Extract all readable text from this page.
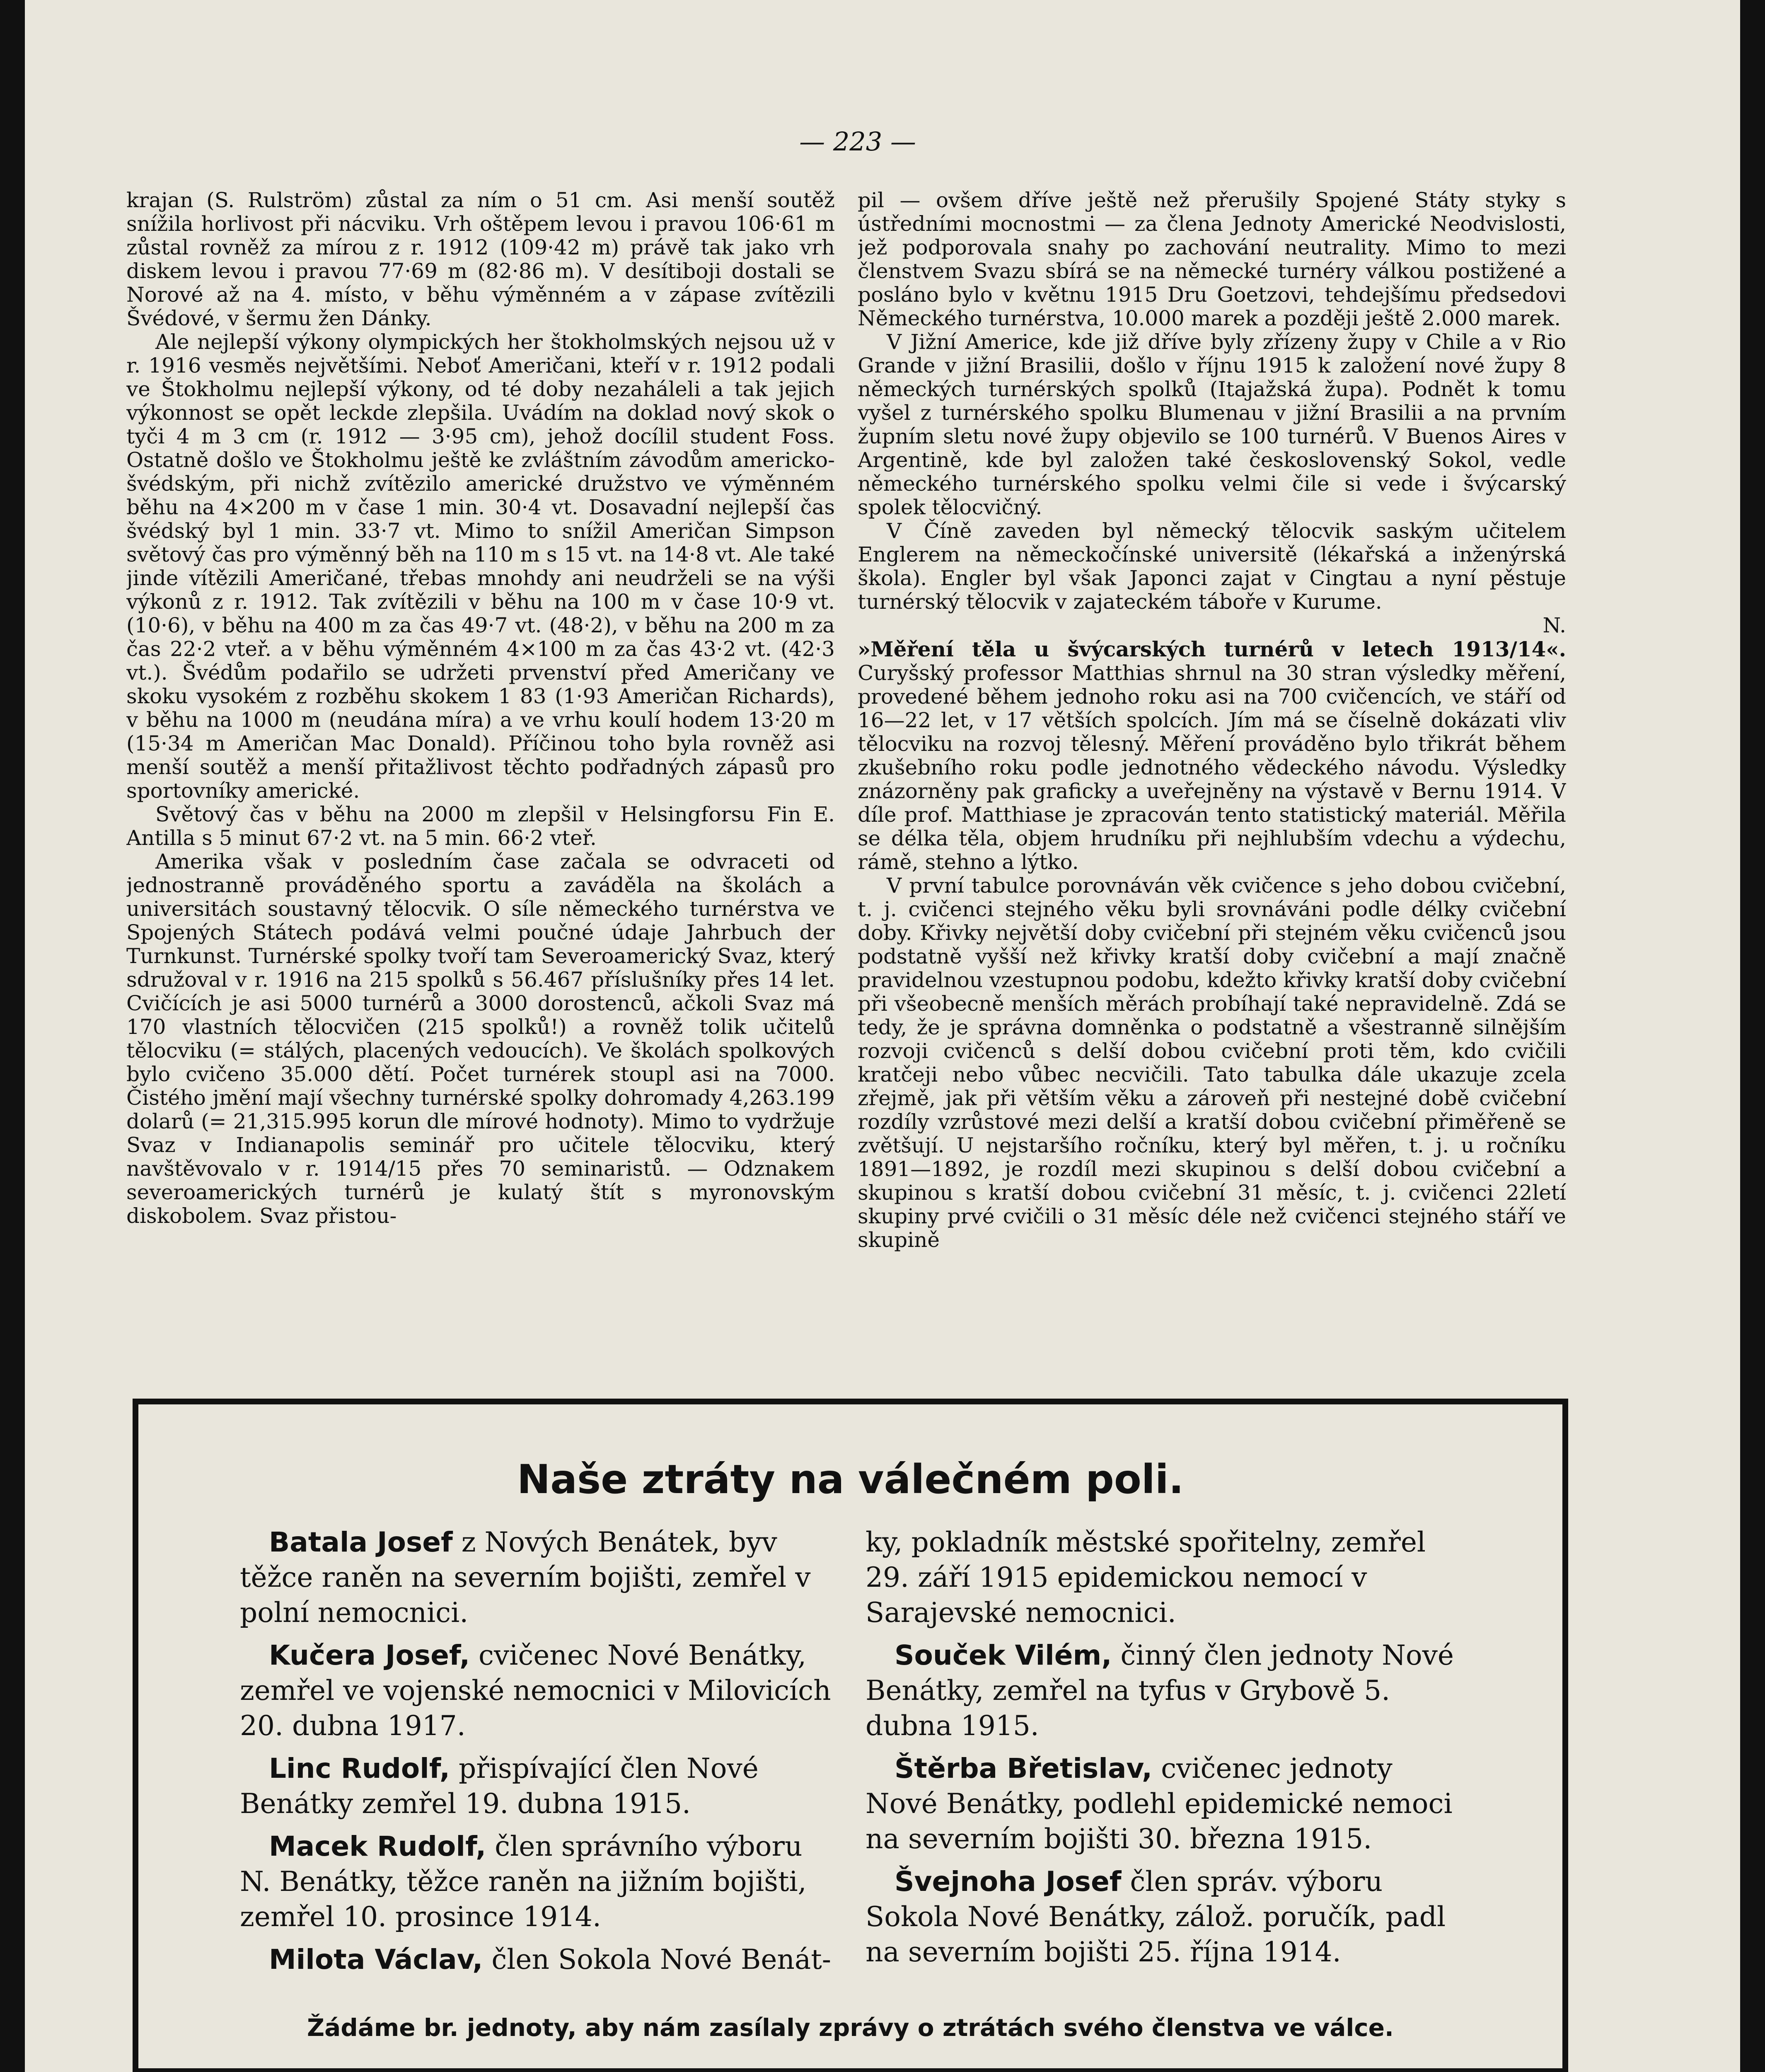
— 223 —

krajan (S. Rulström) zůstal za ním o 51 cm. Asi menší soutěž snížila horlivost při nácviku. Vrh oštěpem levou i pravou 106·61 m zůstal rovněž za mírou z r. 1912 (109·42 m) právě tak jako vrh diskem levou i pravou 77·69 m (82·86 m). V desítiboji dostali se Norové až na 4. místo, v běhu výměnném a v zápase zvítězili Švédové, v šermu žen Dánky.

Ale nejlepší výkony olympických her štokholmských nejsou už v r. 1916 vesměs největšími. Neboť Američani, kteří v r. 1912 podali ve Štokholmu nejlepší výkony, od té doby nezaháleli a tak jejich výkonnost se opět leckde zlepšila. Uvádím na doklad nový skok o tyči 4 m 3 cm (r. 1912 — 3·95 cm), jehož docílil student Foss. Ostatně došlo ve Štokholmu ještě ke zvláštním závodům americko-švédským, při nichž zvítězilo americké družstvo ve výměnném běhu na 4×200 m v čase 1 min. 30·4 vt. Dosavadní nejlepší čas švédský byl 1 min. 33·7 vt. Mimo to snížil Američan Simpson světový čas pro výměnný běh na 110 m s 15 vt. na 14·8 vt. Ale také jinde vítězili Američané, třebas mnohdy ani neudrželi se na výši výkonů z r. 1912. Tak zvítězili v běhu na 100 m v čase 10·9 vt. (10·6), v běhu na 400 m za čas 49·7 vt. (48·2), v běhu na 200 m za čas 22·2 vteř. a v běhu výměnném 4×100 m za čas 43·2 vt. (42·3 vt.). Švédům podařilo se udržeti prvenství před Američany ve skoku vysokém z rozběhu skokem 1 83 (1·93 Američan Richards), v běhu na 1000 m (neudána míra) a ve vrhu koulí hodem 13·20 m (15·34 m Američan Mac Donald). Příčinou toho byla rovněž asi menší soutěž a menší přitažlivost těchto podřadných zápasů pro sportovníky americké.

Světový čas v běhu na 2000 m zlepšil v Helsingforsu Fin E. Antilla s 5 minut 67·2 vt. na 5 min. 66·2 vteř.

Amerika však v posledním čase začala se odvraceti od jednostranně prováděného sportu a zaváděla na školách a universitách soustavný tělocvik. O síle německého turnérstva ve Spojených Státech podává velmi poučné údaje Jahrbuch der Turnkunst. Turnérské spolky tvoří tam Severoamerický Svaz, který sdružoval v r. 1916 na 215 spolků s 56.467 příslušníky přes 14 let. Cvičících je asi 5000 turnérů a 3000 dorostenců, ačkoli Svaz má 170 vlastních tělocvičen (215 spolků!) a rovněž tolik učitelů tělocviku (= stálých, placených vedoucích). Ve školách spolkových bylo cvičeno 35.000 dětí. Počet turnérek stoupl asi na 7000. Čistého jmění mají všechny turnérské spolky dohromady 4,263.199 dolarů (= 21,315.995 korun dle mírové hodnoty). Mimo to vydržuje Svaz v Indianapolis seminář pro učitele tělocviku, který navštěvovalo v r. 1914/15 přes 70 seminaristů. — Odznakem severoamerických turnérů je kulatý štít s myronovským diskobolem. Svaz přistou-

pil — ovšem dříve ještě než přerušily Spojené Státy styky s ústředními mocnostmi — za člena Jednoty Americké Neodvislosti, jež podporovala snahy po zachování neutrality. Mimo to mezi členstvem Svazu sbírá se na německé turnéry válkou postižené a posláno bylo v květnu 1915 Dru Goetzovi, tehdejšímu předsedovi Německého turnérstva, 10.000 marek a později ještě 2.000 marek.

V Jižní Americe, kde již dříve byly zřízeny župy v Chile a v Rio Grande v jižní Brasilii, došlo v říjnu 1915 k založení nové župy 8 německých turnérských spolků (Itajažská župa). Podnět k tomu vyšel z turnérského spolku Blumenau v jižní Brasilii a na prvním župním sletu nové župy objevilo se 100 turnérů. V Buenos Aires v Argentině, kde byl založen také československý Sokol, vedle německého turnérského spolku velmi čile si vede i švýcarský spolek tělocvičný.

V Číně zaveden byl německý tělocvik saským učitelem Englerem na německočínské universitě (lékařská a inženýrská škola). Engler byl však Japonci zajat v Cingtau a nyní pěstuje turnérský tělocvik v zajateckém táboře v Kurume.

N.

»Měření těla u švýcarských turnérů v letech 1913/14«. Curyšský professor Matthias shrnul na 30 stran výsledky měření, provedené během jednoho roku asi na 700 cvičencích, ve stáří od 16—22 let, v 17 větších spolcích. Jím má se číselně dokázati vliv tělocviku na rozvoj tělesný. Měření prováděno bylo třikrát během zkušebního roku podle jednotného vědeckého návodu. Výsledky znázorněny pak graficky a uveřejněny na výstavě v Bernu 1914. V díle prof. Matthiase je zpracován tento statistický materiál. Měřila se délka těla, objem hrudníku při nejhlubším vdechu a výdechu, rámě, stehno a lýtko.

V první tabulce porovnáván věk cvičence s jeho dobou cvičební, t. j. cvičenci stejného věku byli srovnáváni podle délky cvičební doby. Křivky největší doby cvičební při stejném věku cvičenců jsou podstatně vyšší než křivky kratší doby cvičební a mají značně pravidelnou vzestupnou podobu, kdežto křivky kratší doby cvičební při všeobecně menších měrách probíhají také nepravidelně. Zdá se tedy, že je správna domněnka o podstatně a všestranně silnějším rozvoji cvičenců s delší dobou cvičební proti těm, kdo cvičili kratčeji nebo vůbec necvičili. Tato tabulka dále ukazuje zcela zřejmě, jak při větším věku a zároveň při nestejné době cvičební rozdíly vzrůstové mezi delší a kratší dobou cvičební přiměřeně se zvětšují. U nejstaršího ročníku, který byl měřen, t. j. u ročníku 1891—1892, je rozdíl mezi skupinou s delší dobou cvičební a skupinou s kratší dobou cvičební 31 měsíc, t. j. cvičenci 22letí skupiny prvé cvičili o 31 měsíc déle než cvičenci stejného stáří ve skupině

Naše ztráty na válečném poli.

Batala Josef z Nových Benátek, byv těžce raněn na severním bojišti, zemřel v polní nemocnici.

Kučera Josef, cvičenec Nové Benátky, zemřel ve vojenské nemocnici v Milovicích 20. dubna 1917.

Linc Rudolf, přispívající člen Nové Benátky zemřel 19. dubna 1915.

Macek Rudolf, člen správního výboru N. Benátky, těžce raněn na jižním bojišti, zemřel 10. prosince 1914.

Milota Václav, člen Sokola Nové Benát-

ky, pokladník městské spořitelny, zemřel 29. září 1915 epidemickou nemocí v Sarajevské nemocnici.

Souček Vilém, činný člen jednoty Nové Benátky, zemřel na tyfus v Grybově 5. dubna 1915.

Štěrba Břetislav, cvičenec jednoty Nové Benátky, podlehl epidemické nemoci na severním bojišti 30. března 1915.

Švejnoha Josef člen správ. výboru Sokola Nové Benátky, zálož. poručík, padl na severním bojišti 25. října 1914.

Žádáme br. jednoty, aby nám zasílaly zprávy o ztrátách svého členstva ve válce.
